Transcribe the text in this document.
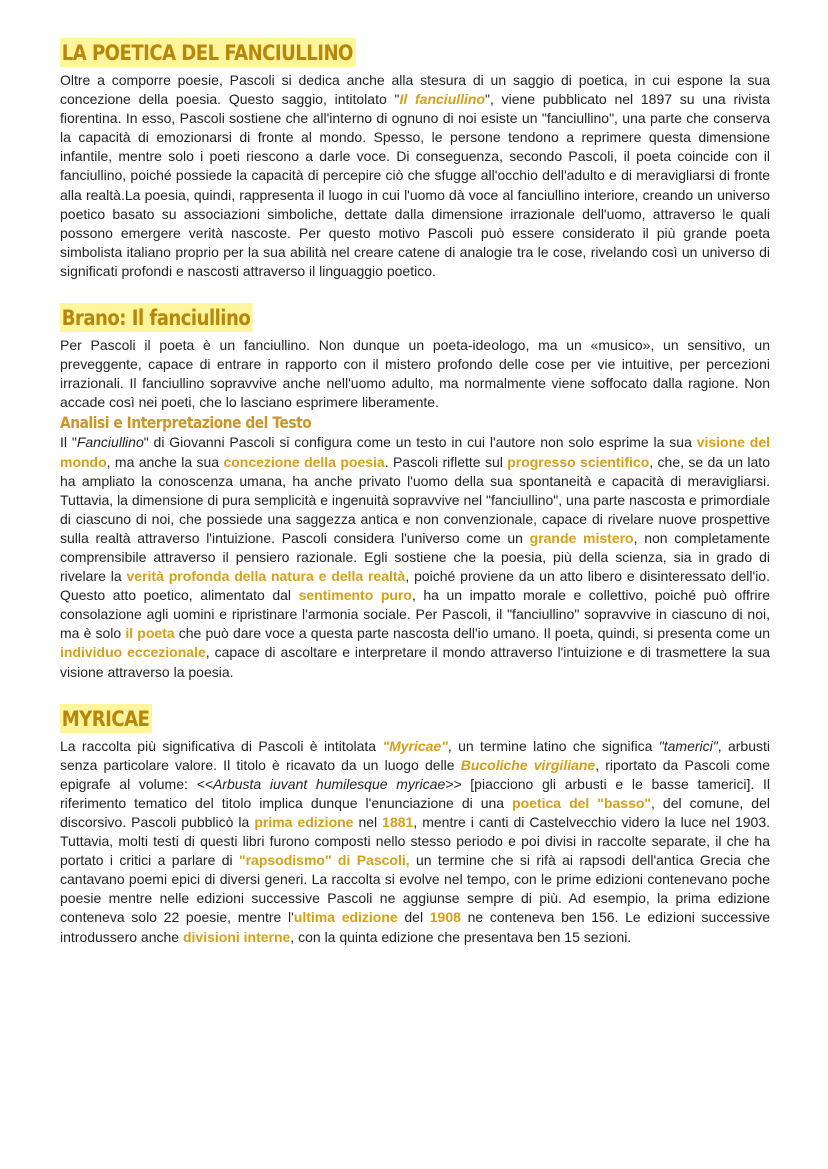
LA POETICA DEL FANCIULLINO

Oltre a comporre poesie, Pascoli si dedica anche alla stesura di un saggio di poetica, in cui espone la sua concezione della poesia. Questo saggio, intitolato "Il fanciullino", viene pubblicato nel 1897 su una rivista fiorentina. In esso, Pascoli sostiene che all'interno di ognuno di noi esiste un "fanciullino", una parte che conserva la capacità di emozionarsi di fronte al mondo. Spesso, le persone tendono a reprimere questa dimensione infantile, mentre solo i poeti riescono a darle voce. Di conseguenza, secondo Pascoli, il poeta coincide con il fanciullino, poiché possiede la capacità di percepire ciò che sfugge all'occhio dell'adulto e di meravigliarsi di fronte alla realtà.La poesia, quindi, rappresenta il luogo in cui l'uomo dà voce al fanciullino interiore, creando un universo poetico basato su associazioni simboliche, dettate dalla dimensione irrazionale dell'uomo, attraverso le quali possono emergere verità nascoste. Per questo motivo Pascoli può essere considerato il più grande poeta simbolista italiano proprio per la sua abilità nel creare catene di analogie tra le cose, rivelando così un universo di significati profondi e nascosti attraverso il linguaggio poetico.

Brano: Il fanciullino

Per Pascoli il poeta è un fanciullino. Non dunque un poeta-ideologo, ma un «musico», un sensitivo, un preveggente, capace di entrare in rapporto con il mistero profondo delle cose per vie intuitive, per percezioni irrazionali. Il fanciullino sopravvive anche nell'uomo adulto, ma normalmente viene soffocato dalla ragione. Non accade così nei poeti, che lo lasciano esprimere liberamente.

Analisi e Interpretazione del Testo

Il "Fanciullino" di Giovanni Pascoli si configura come un testo in cui l'autore non solo esprime la sua visione del mondo, ma anche la sua concezione della poesia. Pascoli riflette sul progresso scientifico, che, se da un lato ha ampliato la conoscenza umana, ha anche privato l'uomo della sua spontaneità e capacità di meravigliarsi. Tuttavia, la dimensione di pura semplicità e ingenuità sopravvive nel "fanciullino", una parte nascosta e primordiale di ciascuno di noi, che possiede una saggezza antica e non convenzionale, capace di rivelare nuove prospettive sulla realtà attraverso l'intuizione. Pascoli considera l'universo come un grande mistero, non completamente comprensibile attraverso il pensiero razionale. Egli sostiene che la poesia, più della scienza, sia in grado di rivelare la verità profonda della natura e della realtà, poiché proviene da un atto libero e disinteressato dell'io. Questo atto poetico, alimentato dal sentimento puro, ha un impatto morale e collettivo, poiché può offrire consolazione agli uomini e ripristinare l'armonia sociale. Per Pascoli, il "fanciullino" sopravvive in ciascuno di noi, ma è solo il poeta che può dare voce a questa parte nascosta dell'io umano. Il poeta, quindi, si presenta come un individuo eccezionale, capace di ascoltare e interpretare il mondo attraverso l'intuizione e di trasmettere la sua visione attraverso la poesia.

MYRICAE

La raccolta più significativa di Pascoli è intitolata "Myricae", un termine latino che significa "tamerici", arbusti senza particolare valore. Il titolo è ricavato da un luogo delle Bucoliche virgiliane, riportato da Pascoli come epigrafe al volume: <<Arbusta iuvant humilesque myricae>> [piacciono gli arbusti e le basse tamerici]. Il riferimento tematico del titolo implica dunque l'enunciazione di una poetica del "basso", del comune, del discorsivo. Pascoli pubblicò la prima edizione nel 1881, mentre i canti di Castelvecchio videro la luce nel 1903. Tuttavia, molti testi di questi libri furono composti nello stesso periodo e poi divisi in raccolte separate, il che ha portato i critici a parlare di "rapsodismo" di Pascoli, un termine che si rifà ai rapsodi dell'antica Grecia che cantavano poemi epici di diversi generi. La raccolta si evolve nel tempo, con le prime edizioni contenevano poche poesie mentre nelle edizioni successive Pascoli ne aggiunse sempre di più. Ad esempio, la prima edizione conteneva solo 22 poesie, mentre l'ultima edizione del 1908 ne conteneva ben 156. Le edizioni successive introdussero anche divisioni interne, con la quinta edizione che presentava ben 15 sezioni.
